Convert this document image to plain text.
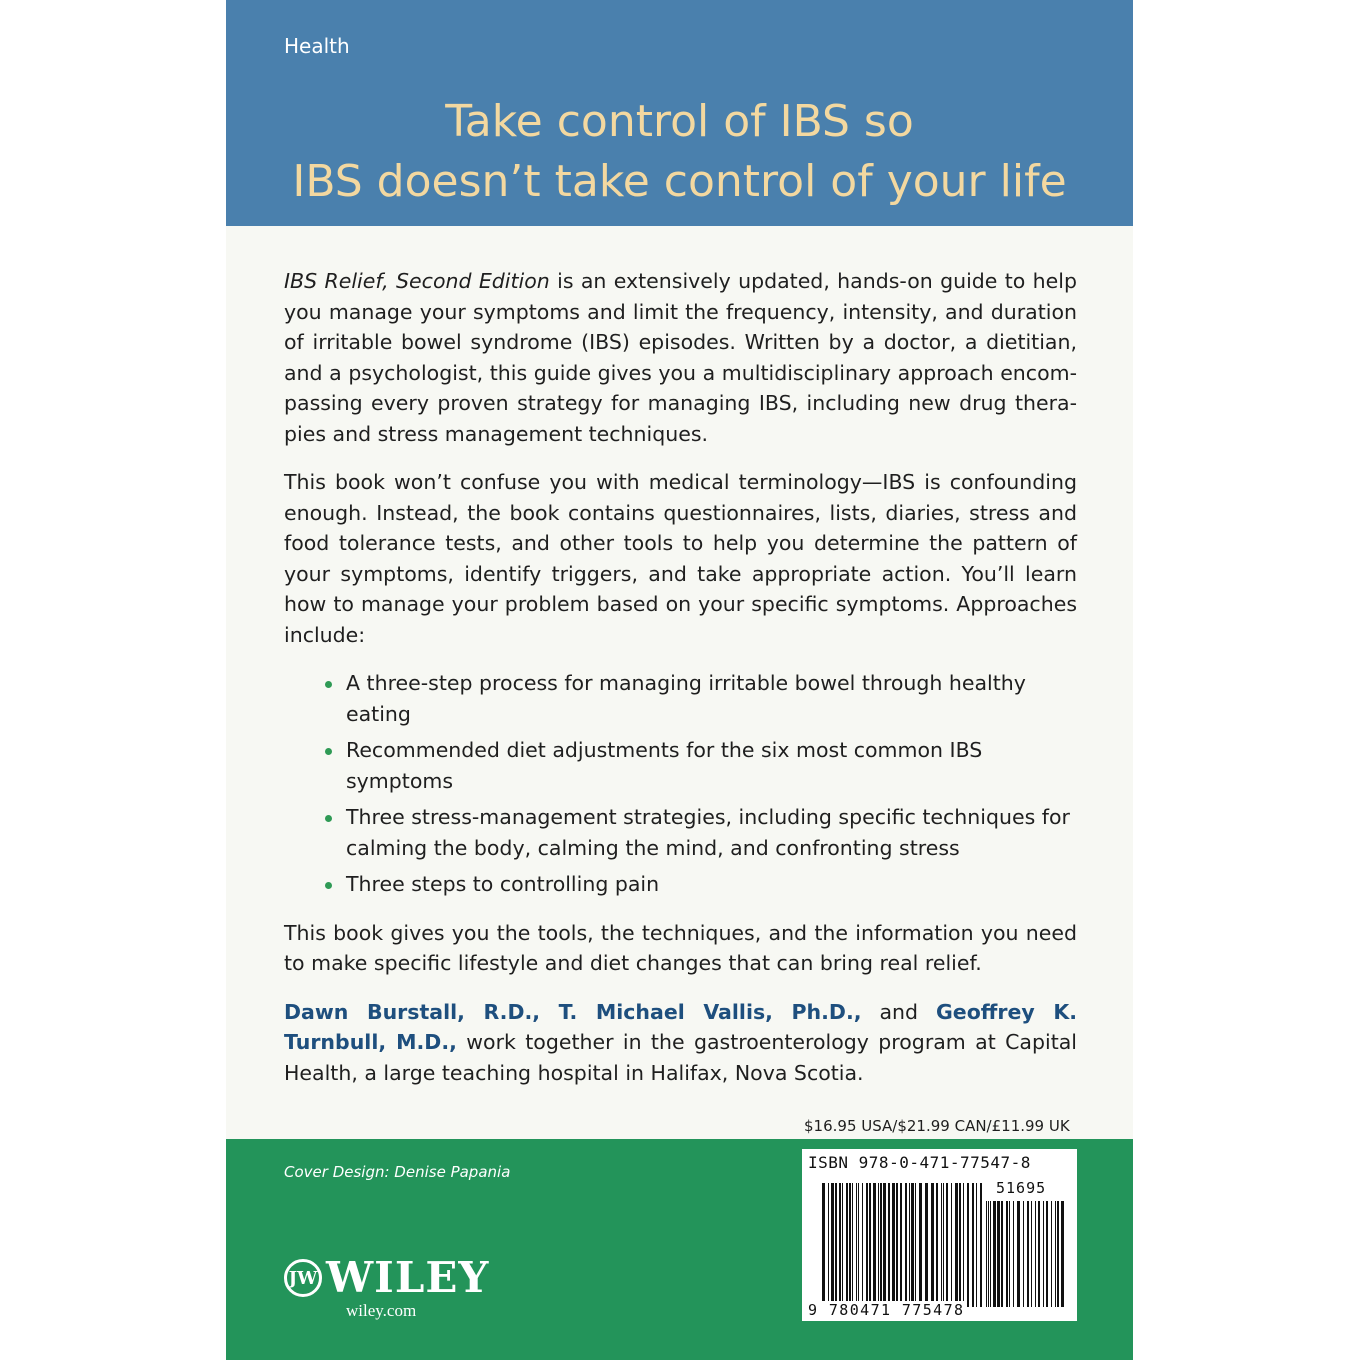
Health
Take control of IBS so
IBS doesn’t take control of your life

IBS Relief, Second Edition is an extensively updated, hands-on guide to help you manage your symptoms and limit the frequency, intensity, and duration of irritable bowel syndrome (IBS) episodes. Written by a doctor, a dietitian, and a psychologist, this guide gives you a multidisciplinary approach encompassing every proven strategy for managing IBS, including new drug therapies and stress management techniques.

This book won’t confuse you with medical terminology—IBS is confounding enough. Instead, the book contains questionnaires, lists, diaries, stress and food tolerance tests, and other tools to help you determine the pattern of your symptoms, identify triggers, and take appropriate action. You’ll learn how to manage your problem based on your specific symptoms. Approaches include:

A three-step process for managing irritable bowel through healthy eating
Recommended diet adjustments for the six most common IBS symptoms
Three stress-management strategies, including specific techniques for calming the body, calming the mind, and confronting stress
Three steps to controlling pain

This book gives you the tools, the techniques, and the information you need to make specific lifestyle and diet changes that can bring real relief.

Dawn Burstall, R.D., T. Michael Vallis, Ph.D., and Geoffrey K. Turnbull, M.D., work together in the gastroenterology program at Capital Health, a large teaching hospital in Halifax, Nova Scotia.

$16.95 USA/$21.99 CAN/£11.99 UK
Cover Design: Denise Papania
JW WILEY
wiley.com
ISBN 978-0-471-77547-8
51695
9 780471 775478
